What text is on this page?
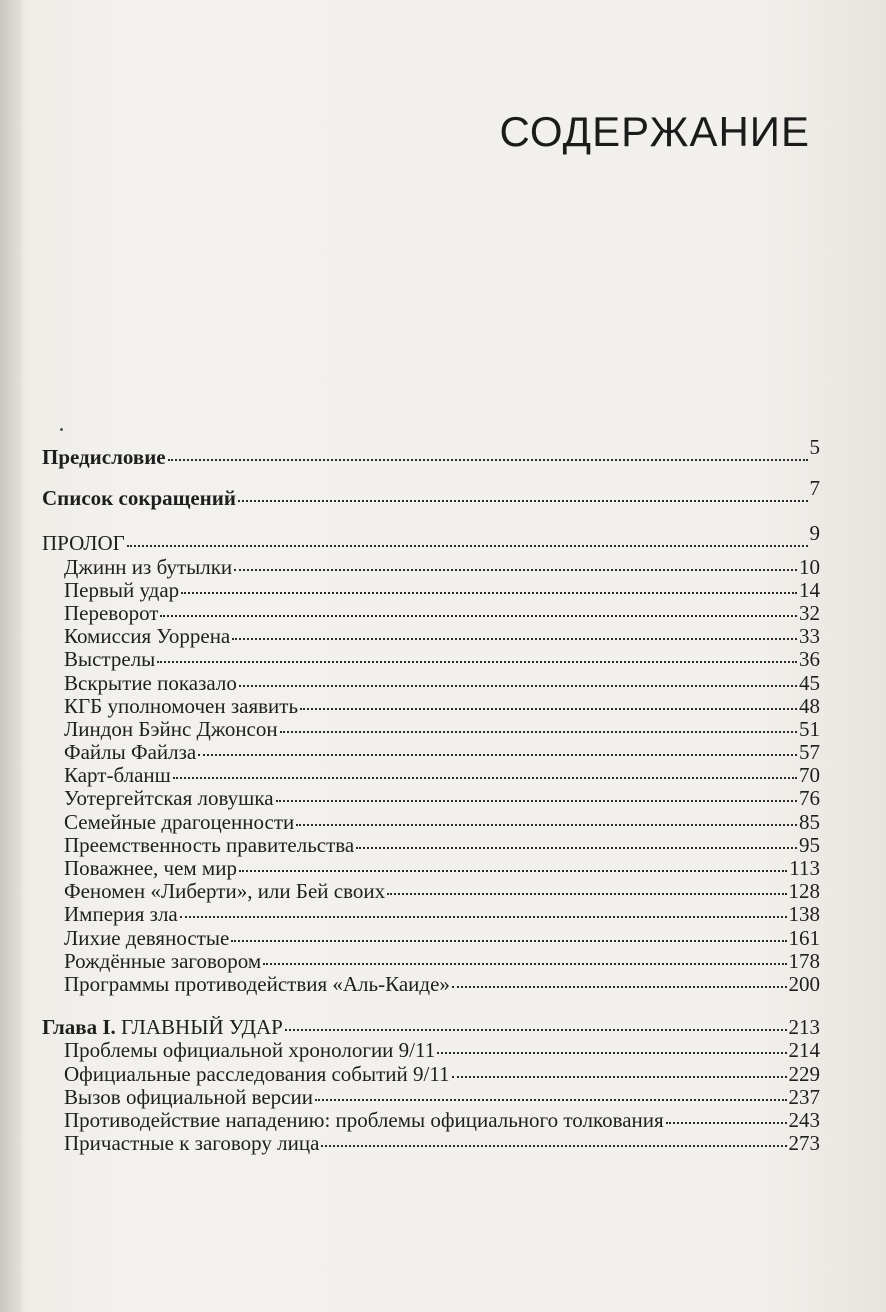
СОДЕРЖАНИЕ
Предисловие	5
Список сокращений	7
ПРОЛОГ	9
Джинн из бутылки	10
Первый удар	14
Переворот	32
Комиссия Уоррена	33
Выстрелы	36
Вскрытие показало	45
КГБ уполномочен заявить	48
Линдон Бэйнс Джонсон	51
Файлы Файлза	57
Карт-бланш	70
Уотергейтская ловушка	76
Семейные драгоценности	85
Преемственность правительства	95
Поважнее, чем мир	113
Феномен «Либерти», или Бей своих	128
Империя зла	138
Лихие девяностые	161
Рождённые заговором	178
Программы противодействия «Аль-Каиде»	200
Глава I. ГЛАВНЫЙ УДАР	213
Проблемы официальной хронологии 9/11	214
Официальные расследования событий 9/11	229
Вызов официальной версии	237
Противодействие нападению: проблемы официального толкования	243
Причастные к заговору лица	273
